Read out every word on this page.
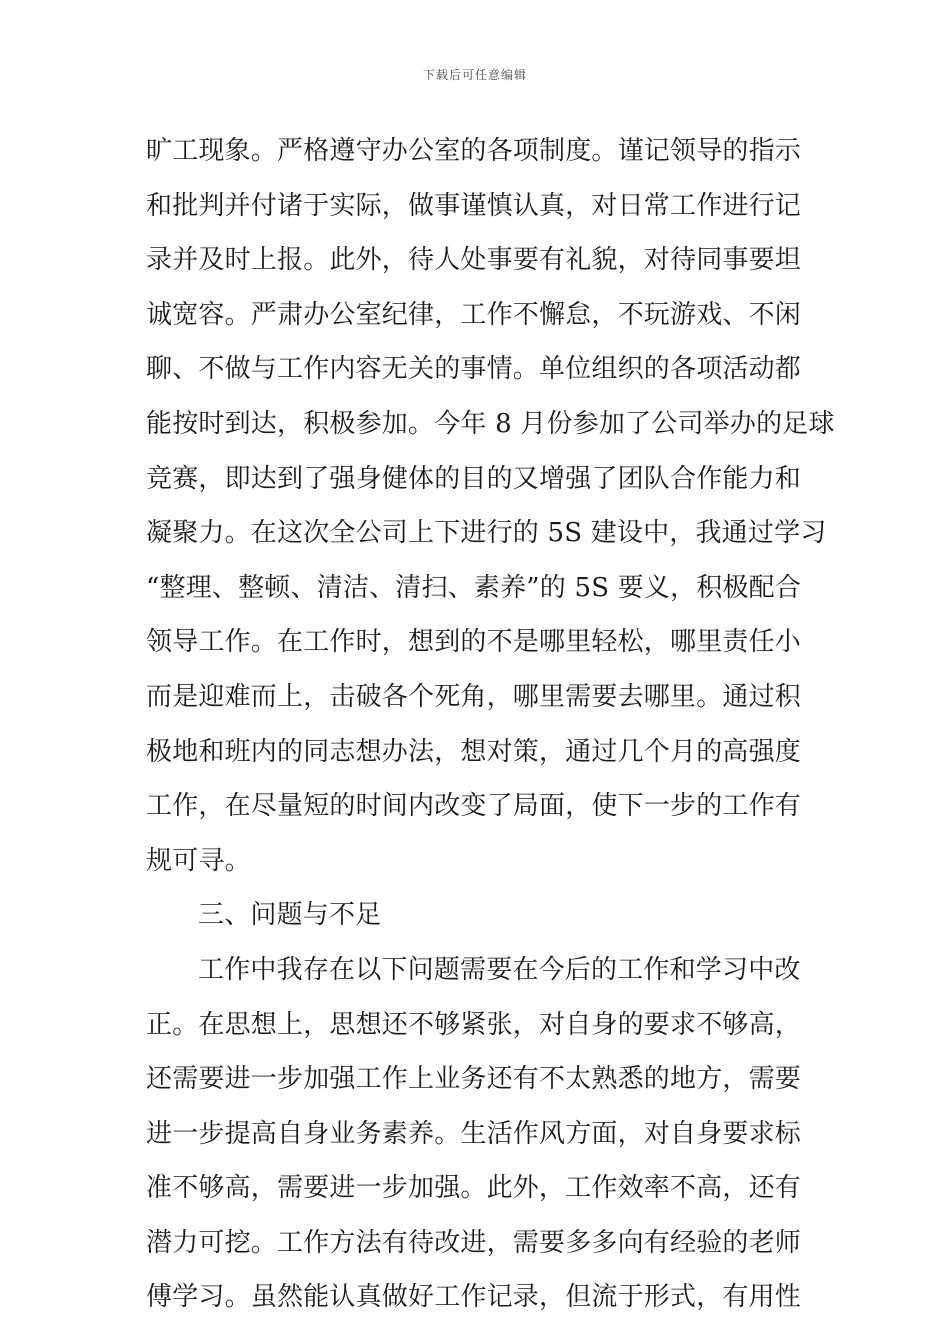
下载后可任意编辑
旷工现象。严格遵守办公室的各项制度。谨记领导的指示
和批判并付诸于实际，做事谨慎认真，对日常工作进行记
录并及时上报。此外，待人处事要有礼貌，对待同事要坦
诚宽容。严肃办公室纪律，工作不懈怠，不玩游戏、不闲
聊、不做与工作内容无关的事情。单位组织的各项活动都
能按时到达，积极参加。今年 8 月份参加了公司举办的足球
竞赛，即达到了强身健体的目的又增强了团队合作能力和
凝聚力。在这次全公司上下进行的 5S 建设中，我通过学习
“整理、整顿、清洁、清扫、素养”的 5S 要义，积极配合
领导工作。在工作时，想到的不是哪里轻松，哪里责任小
而是迎难而上，击破各个死角，哪里需要去哪里。通过积
极地和班内的同志想办法，想对策，通过几个月的高强度
工作，在尽量短的时间内改变了局面，使下一步的工作有
规可寻。
三、问题与不足
工作中我存在以下问题需要在今后的工作和学习中改
正。在思想上，思想还不够紧张，对自身的要求不够高，
还需要进一步加强工作上业务还有不太熟悉的地方，需要
进一步提高自身业务素养。生活作风方面，对自身要求标
准不够高，需要进一步加强。此外，工作效率不高，还有
潜力可挖。工作方法有待改进，需要多多向有经验的老师
傅学习。虽然能认真做好工作记录，但流于形式，有用性
